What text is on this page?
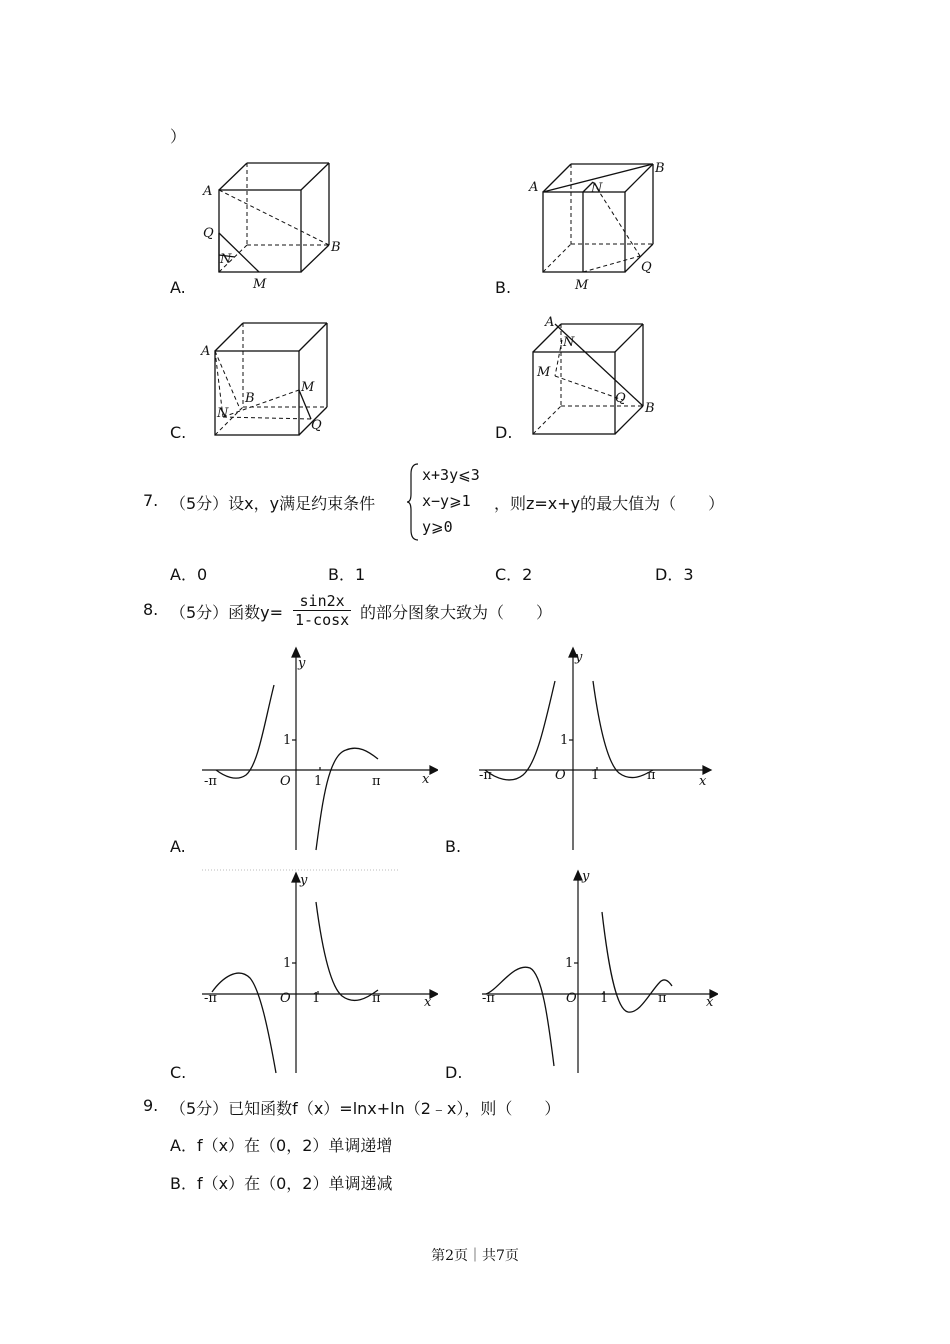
）
A
B
Q
N
M
A.
A
B
Q
N
M
B.
A
B
Q
N
M
C.
A
B
Q
N
M
D.
7. （5分）设x，y满足约束条件
x+3y⩽3
x−y⩾1
y⩾0
，则z=x+y的最大值为（　　）
A．0	B．1	C．2	D．3
8. （5分）函数$y= \frac{\sin 2x}{1-\cos x}$ 的部分图象大致为（　　）
y
x
O
-π	π
1
1
A.
y
x
O
-π	π
1
1
B.
y
x
O
-π	π
1
1
C.
y
x
O
-π	π
1
1
D.
9. （5分）已知函数f（x）=lnx+ln（2﹣x），则（　　）
A．f（x）在（0，2）单调递增
B．f（x）在（0，2）单调递减
第2页｜共7页
